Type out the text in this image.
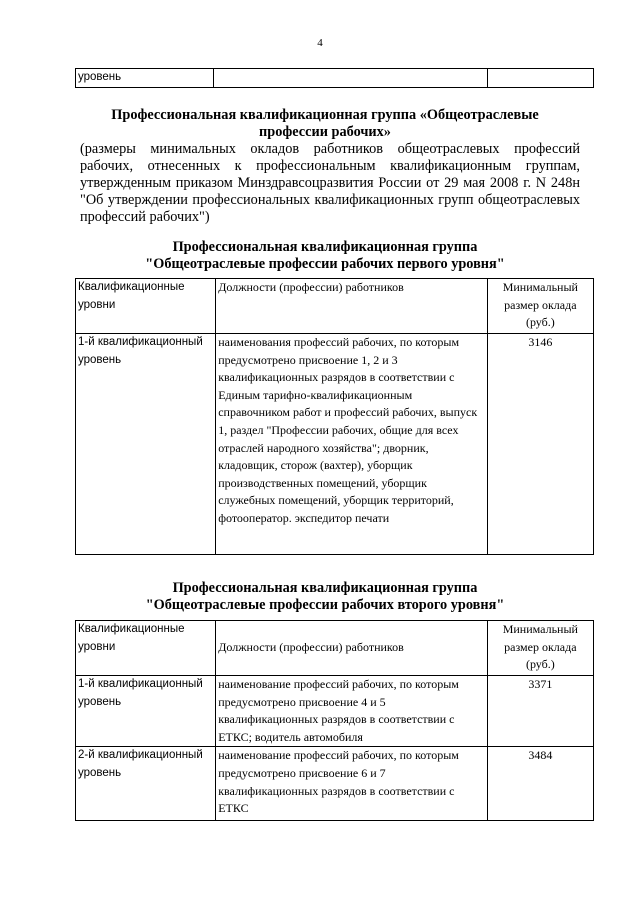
4
уровень		
Профессиональная квалификационная группа «Общеотраслевые
профессии рабочих»
(размеры минимальных окладов работников общеотраслевых профессий рабочих, отнесенных к профессиональным квалификационным группам, утвержденным приказом Минздравсоцразвития России от 29 мая 2008 г. N 248н "Об утверждении профессиональных квалификационных групп общеотраслевых профессий рабочих")
Профессиональная квалификационная группа
"Общеотраслевые профессии рабочих первого уровня"
Квалификационные уровни	Должности (профессии) работников	Минимальный размер оклада (руб.)
1-й квалификационный уровень	наименования профессий рабочих, по которым предусмотрено присвоение 1, 2 и 3 квалификационных разрядов в соответствии с Единым тарифно-квалификационным справочником работ и профессий рабочих, выпуск 1, раздел "Профессии рабочих, общие для всех отраслей народного хозяйства"; дворник, кладовщик, сторож (вахтер), уборщик производственных помещений, уборщик служебных помещений, уборщик территорий, фотооператор. экспедитор печати	3146
Профессиональная квалификационная группа
"Общеотраслевые профессии рабочих второго уровня"
Квалификационные уровни	Должности (профессии) работников	Минимальный размер оклада (руб.)
1-й квалификационный уровень	наименование профессий рабочих, по которым предусмотрено присвоение 4 и 5 квалификационных разрядов в соответствии с ЕТКС; водитель автомобиля	3371
2-й квалификационный уровень	наименование профессий рабочих, по которым предусмотрено присвоение 6 и 7 квалификационных разрядов в соответствии с ЕТКС	3484
